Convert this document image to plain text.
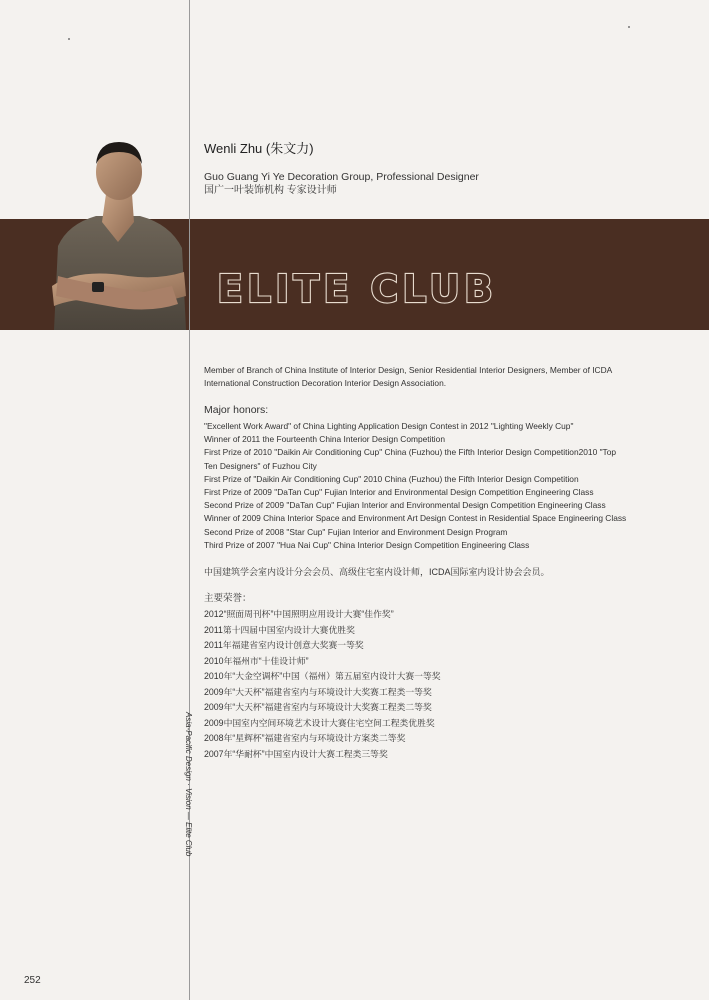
Wenli Zhu (朱文力)
Guo Guang Yi Ye Decoration Group, Professional Designer
国广一叶装饰机构 专家设计师
ELITE CLUB
Member of Branch of China Institute of Interior Design, Senior Residential Interior Designers, Member of ICDA International Construction Decoration Interior Design Association.
Major honors:
"Excellent Work Award" of China Lighting Application Design Contest in 2012 "Lighting Weekly Cup"
Winner of 2011 the Fourteenth China Interior Design Competition
First Prize of 2010 "Daikin Air Conditioning Cup" China (Fuzhou) the Fifth Interior Design Competition2010 "Top
Ten Designers" of Fuzhou City
First Prize of "Daikin Air Conditioning Cup" 2010 China (Fuzhou) the Fifth Interior Design Competition
First Prize of 2009 "DaTan Cup" Fujian Interior and Environmental Design Competition Engineering Class
Second Prize of 2009 "DaTan Cup" Fujian Interior and Environmental Design Competition Engineering Class
Winner of 2009 China Interior Space and Environment Art Design Contest in Residential Space Engineering Class
Second Prize of 2008 "Star Cup" Fujian Interior and Environment Design Program
Third Prize of 2007 "Hua Nai Cup" China Interior Design Competition Engineering Class
中国建筑学会室内设计分会会员、高级住宅室内设计师，ICDA国际室内设计协会会员。
主要荣誉：
2012“照面周刊杯”中国照明应用设计大赛“佳作奖”
2011第十四届中国室内设计大赛优胜奖
2011年福建省室内设计创意大奖赛一等奖
2010年福州市“十佳设计师”
2010年“大金空调杯”中国（福州）第五届室内设计大赛一等奖
2009年“大天杯”福建省室内与环境设计大奖赛工程类一等奖
2009年“大天杯”福建省室内与环境设计大奖赛工程类二等奖
2009中国室内空间环境艺术设计大赛住宅空间工程类优胜奖
2008年“星辉杯”福建省室内与环境设计方案类二等奖
2007年“华耐杯”中国室内设计大赛工程类三等奖
Asia-Pacific Design · Vision — Elite Club
252
